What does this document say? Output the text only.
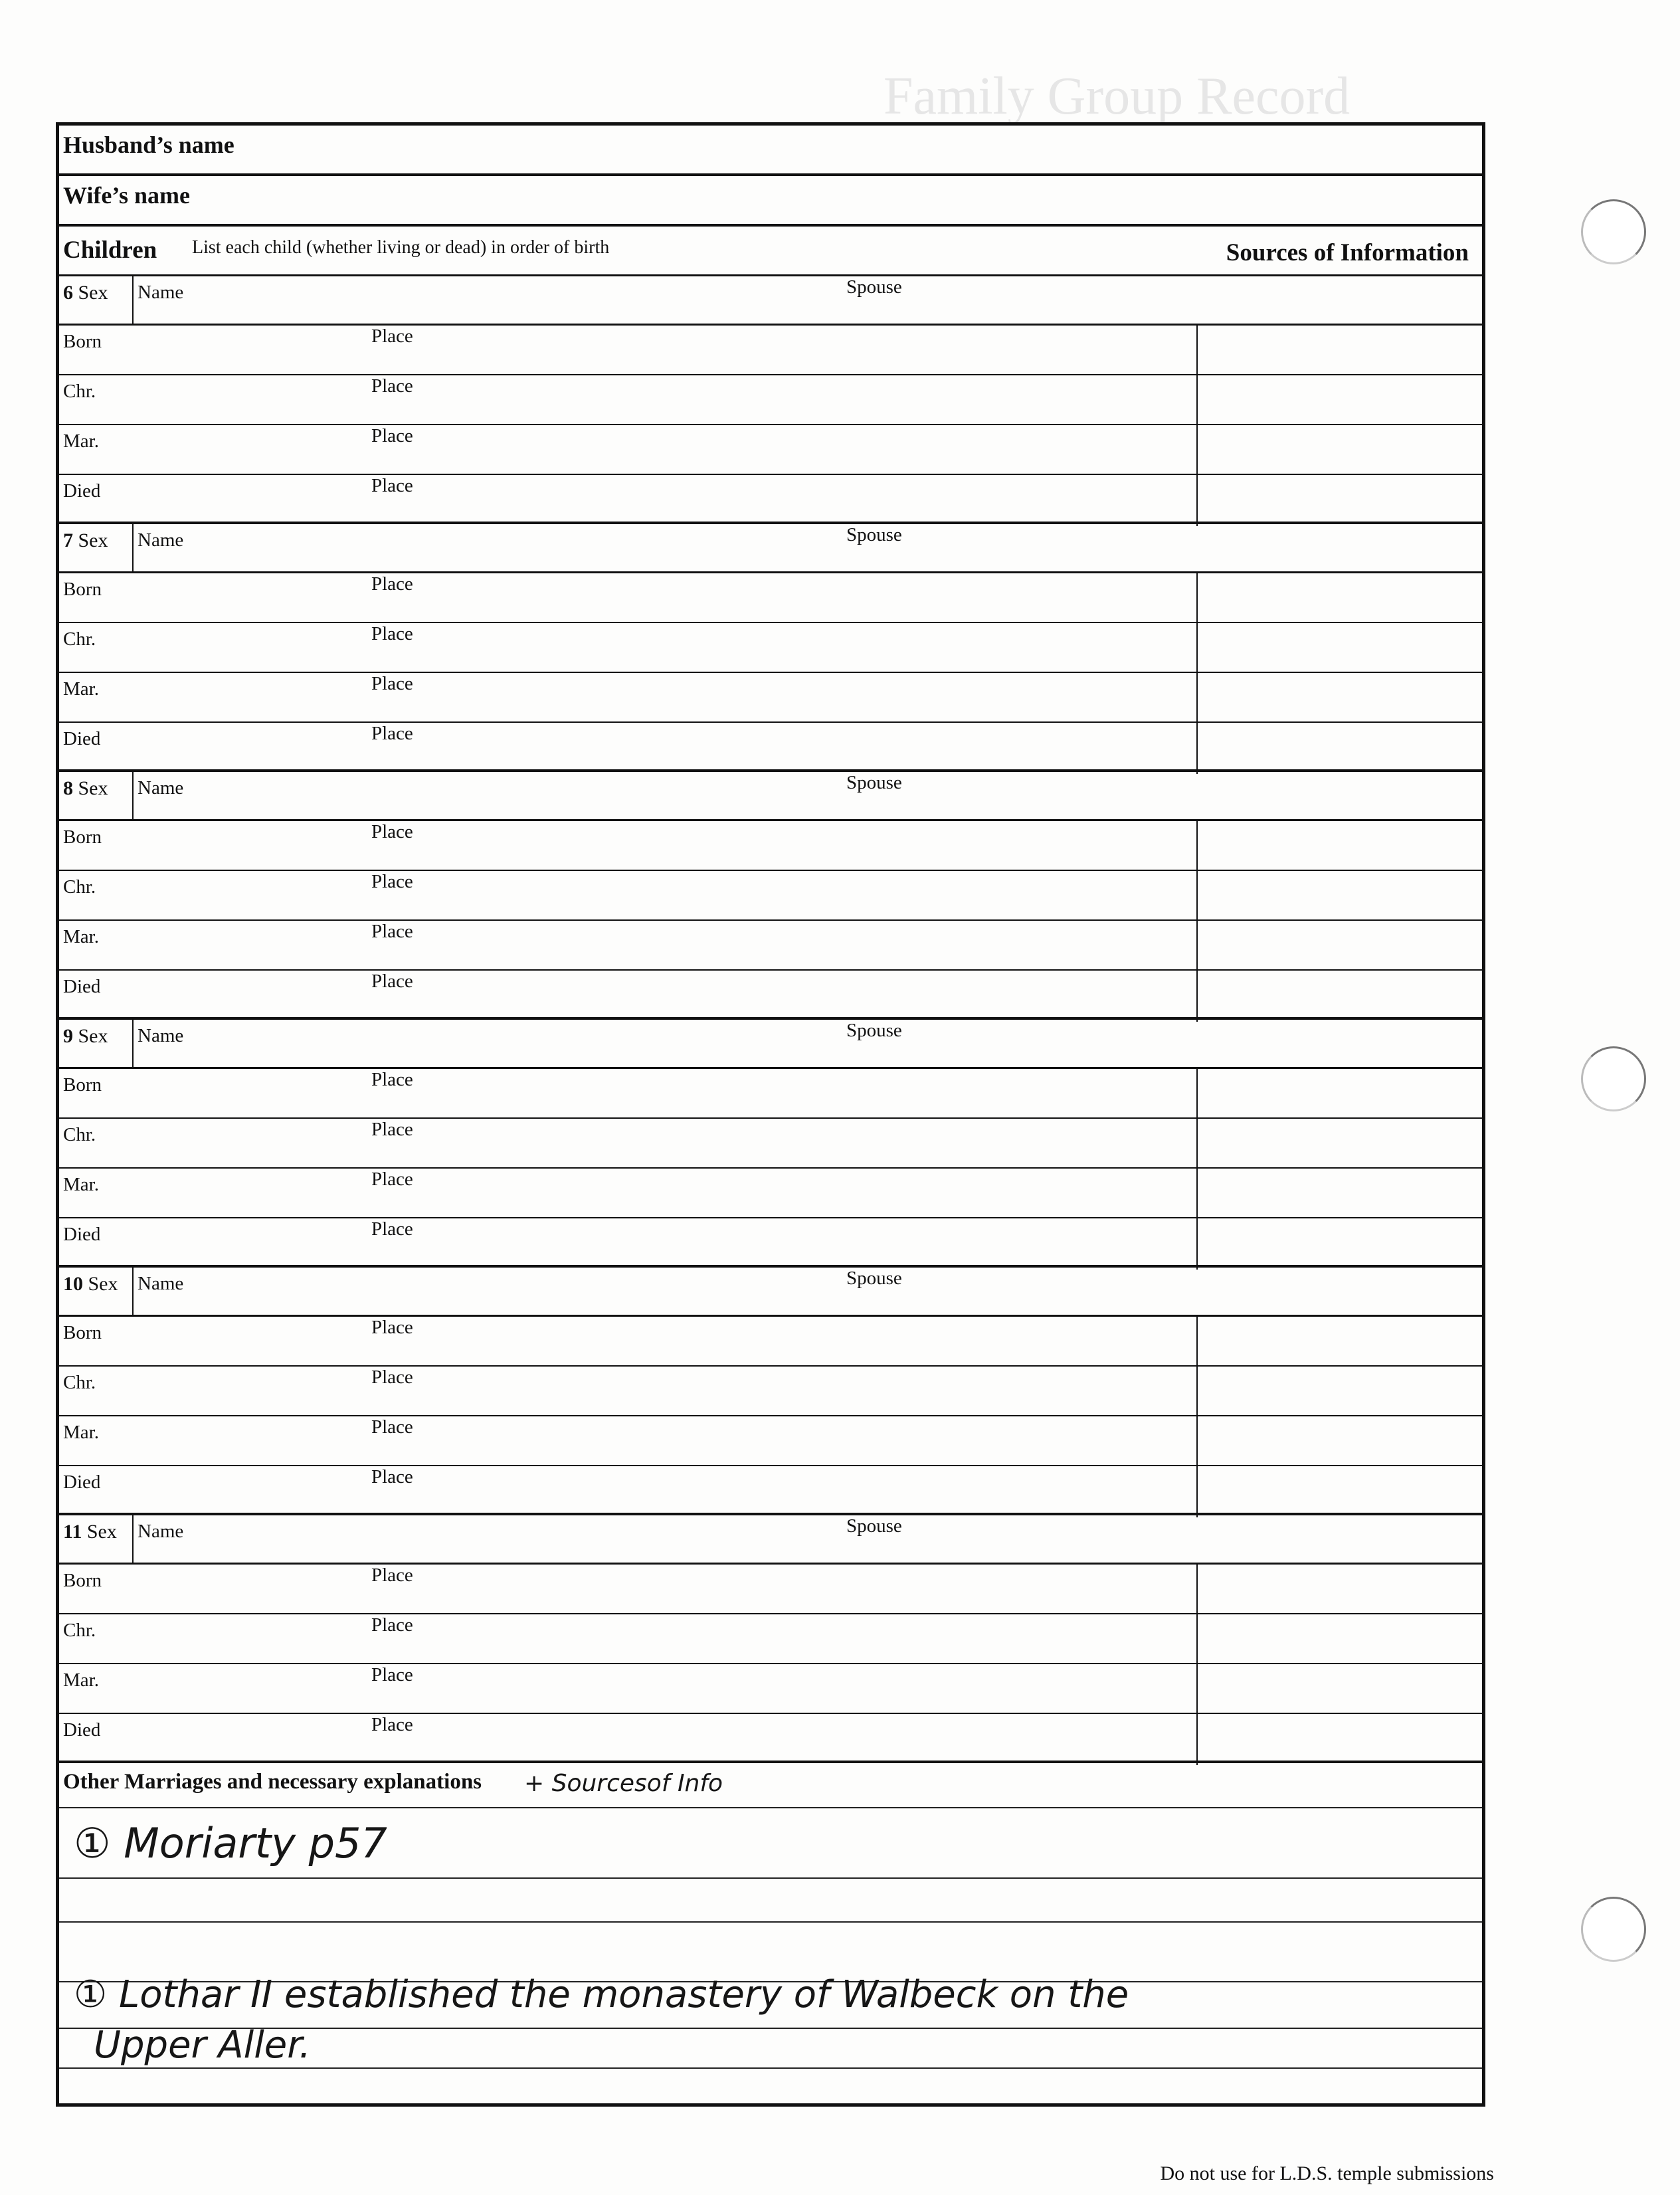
Family Group Record
Husband’s name
Wife’s name
Children List each child (whether living or dead) in order of birth	Sources of Information
6 Sex Name	Spouse
Born	Place
Chr.	Place
Mar.	Place
Died	Place
7 Sex Name	Spouse
Born	Place
Chr.	Place
Mar.	Place
Died	Place
8 Sex Name	Spouse
Born	Place
Chr.	Place
Mar.	Place
Died	Place
9 Sex Name	Spouse
Born	Place
Chr.	Place
Mar.	Place
Died	Place
10 Sex Name	Spouse
Born	Place
Chr.	Place
Mar.	Place
Died	Place
11 Sex Name	Spouse
Born	Place
Chr.	Place
Mar.	Place
Died	Place
Other Marriages and necessary explanations + Sourcesof Info
① Moriarty p57
① Lothar II established the monastery of Walbeck on the
Upper Aller.
Do not use for L.D.S. temple submissions
